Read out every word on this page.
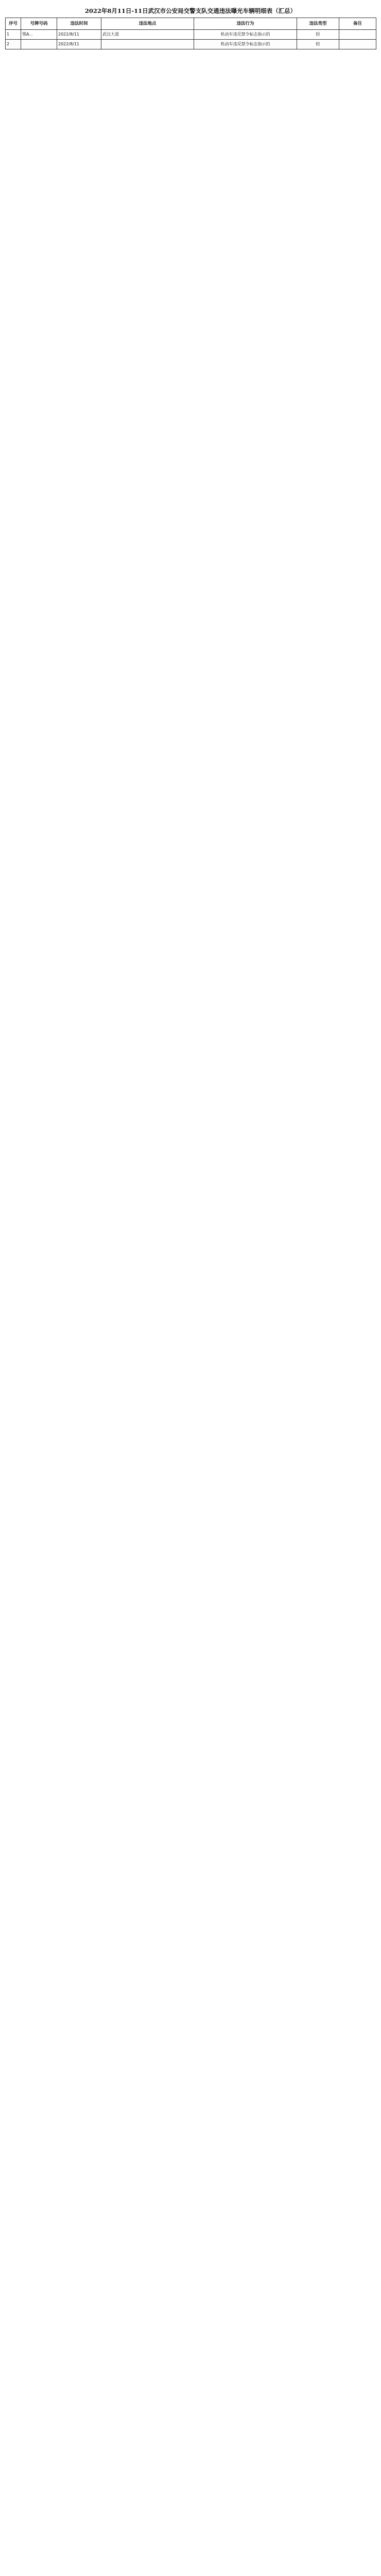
2022年8月11日-11日武汉市公安局交警支队交通违法曝光车辆明细表（汇总）
序号	号牌号码	违法时间	违法地点	违法行为	违法类型	备注
1	鄂A...	2022/8/11	武汉大道	机动车违反禁令标志指示的	轻	
2		2022/8/11		机动车违反禁令标志指示的	轻	
